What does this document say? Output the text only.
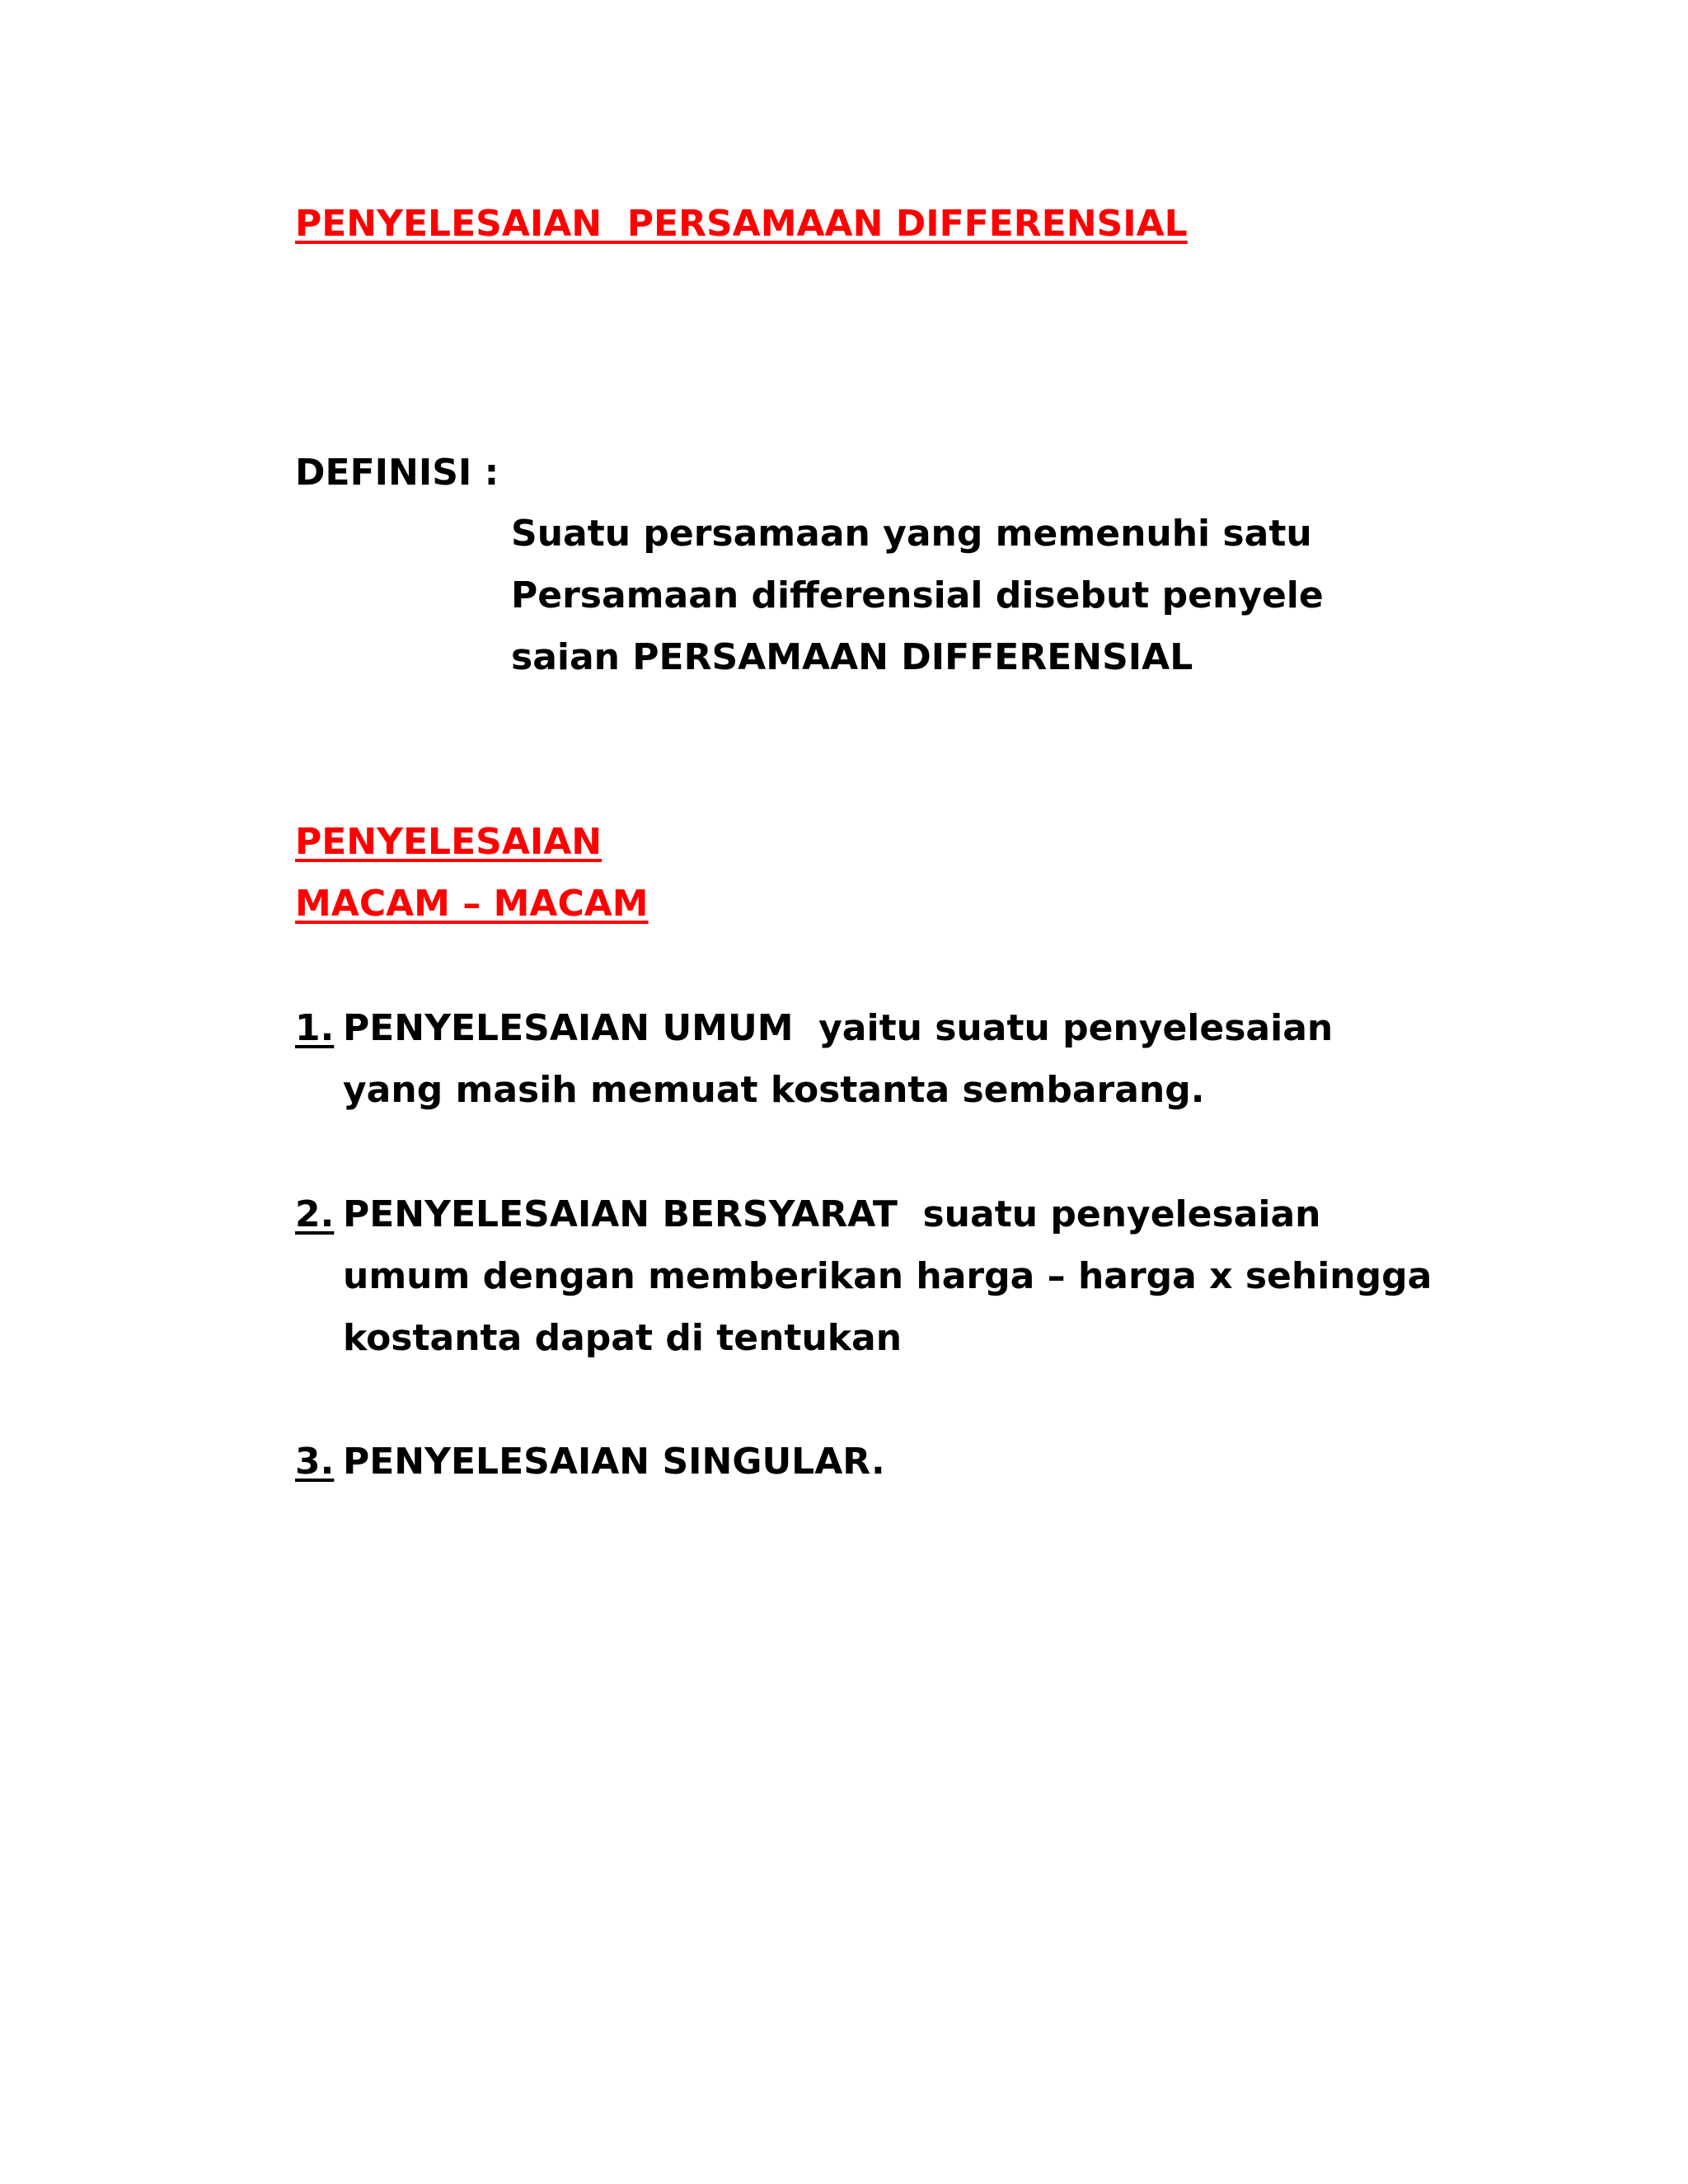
PENYELESAIAN  PERSAMAAN DIFFERENSIAL
DEFINISI :
Suatu persamaan yang memenuhi satu
Persamaan differensial disebut penyele
saian PERSAMAAN DIFFERENSIAL
PENYELESAIAN
MACAM – MACAM
1. PENYELESAIAN UMUM  yaitu suatu penyelesaian
yang masih memuat kostanta sembarang.
2. PENYELESAIAN BERSYARAT  suatu penyelesaian
umum dengan memberikan harga – harga x sehingga
kostanta dapat di tentukan
3. PENYELESAIAN SINGULAR.
